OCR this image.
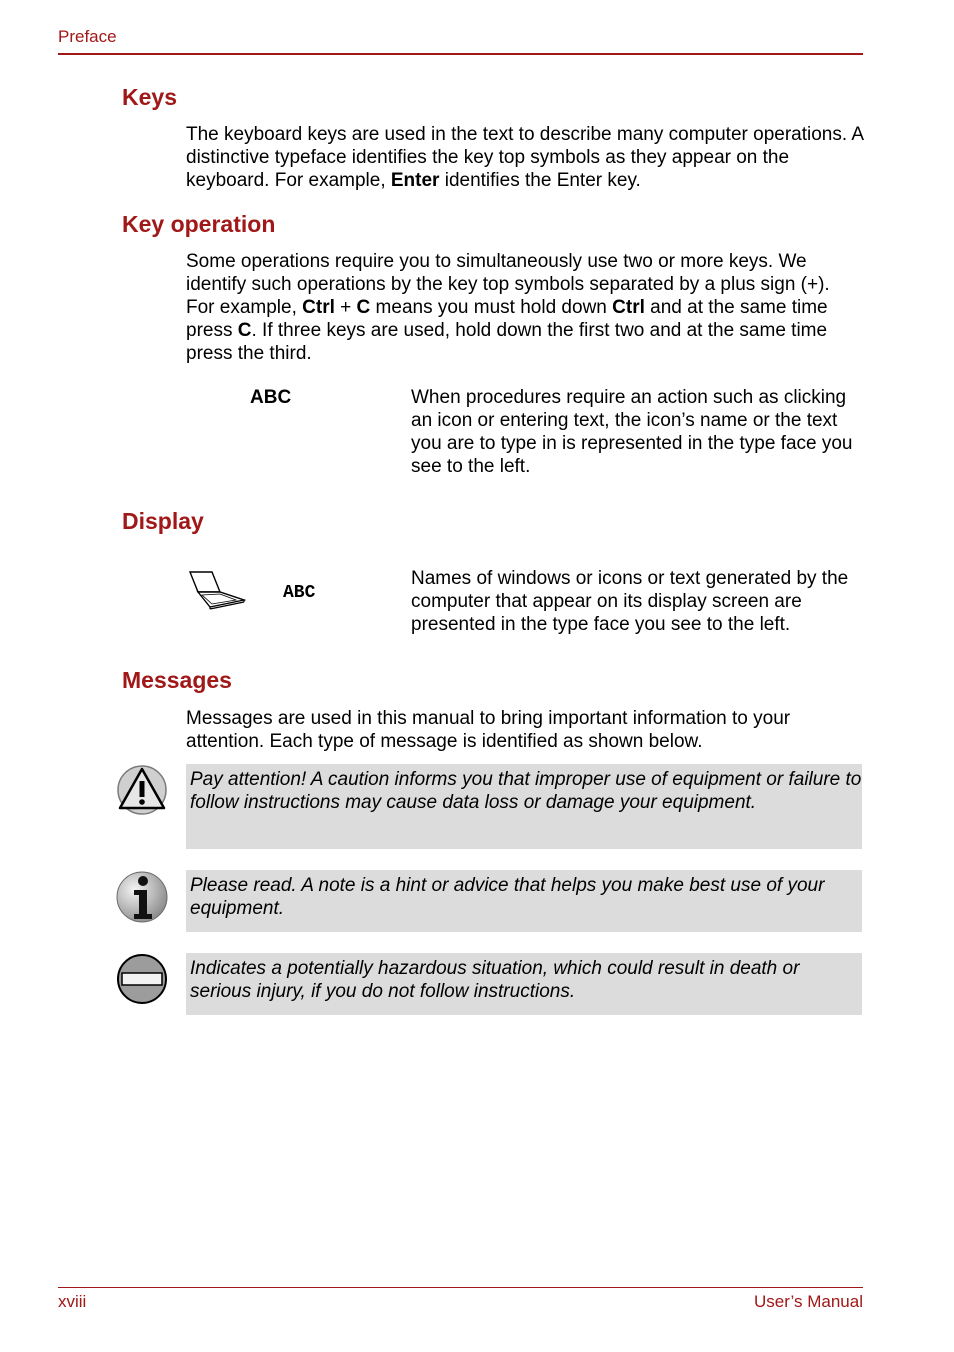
Preface
Keys

The keyboard keys are used in the text to describe many computer operations. A distinctive typeface identifies the key top symbols as they appear on the keyboard. For example, Enter identifies the Enter key.

Key operation

Some operations require you to simultaneously use two or more keys. We identify such operations by the key top symbols separated by a plus sign (+). For example, Ctrl + C means you must hold down Ctrl and at the same time press C. If three keys are used, hold down the first two and at the same time press the third.

ABC	When procedures require an action such as clicking an icon or entering text, the icon’s name or the text you are to type in is represented in the type face you see to the left.

Display
ABC

Names of windows or icons or text generated by the computer that appear on its display screen are presented in the type face you see to the left.

Messages

Messages are used in this manual to bring important information to your attention. Each type of message is identified as shown below.

Pay attention! A caution informs you that improper use of equipment or failure to follow instructions may cause data loss or damage your equipment.
Please read. A note is a hint or advice that helps you make best use of your equipment.
Indicates a potentially hazardous situation, which could result in death or serious injury, if you do not follow instructions.
xviii	User’s Manual
